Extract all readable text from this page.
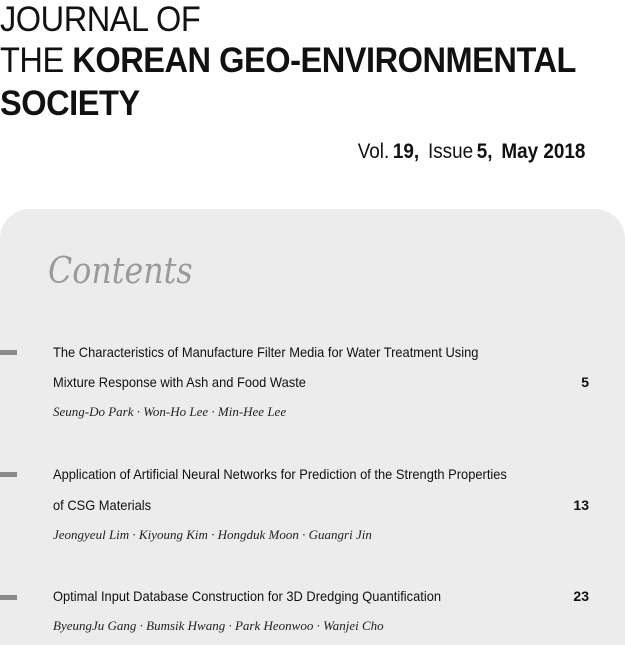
JOURNAL OF
THE KOREAN GEO-ENVIRONMENTAL
SOCIETY
Vol. 19, Issue 5, May 2018
Contents
The Characteristics of Manufacture Filter Media for Water Treatment Using
Mixture Response with Ash and Food Waste	5
Seung-Do Park · Won-Ho Lee · Min-Hee Lee
Application of Artificial Neural Networks for Prediction of the Strength Properties
of CSG Materials	13
Jeongyeul Lim · Kiyoung Kim · Hongduk Moon · Guangri Jin
Optimal Input Database Construction for 3D Dredging Quantification	23
ByeungJu Gang · Bumsik Hwang · Park Heonwoo · Wanjei Cho
